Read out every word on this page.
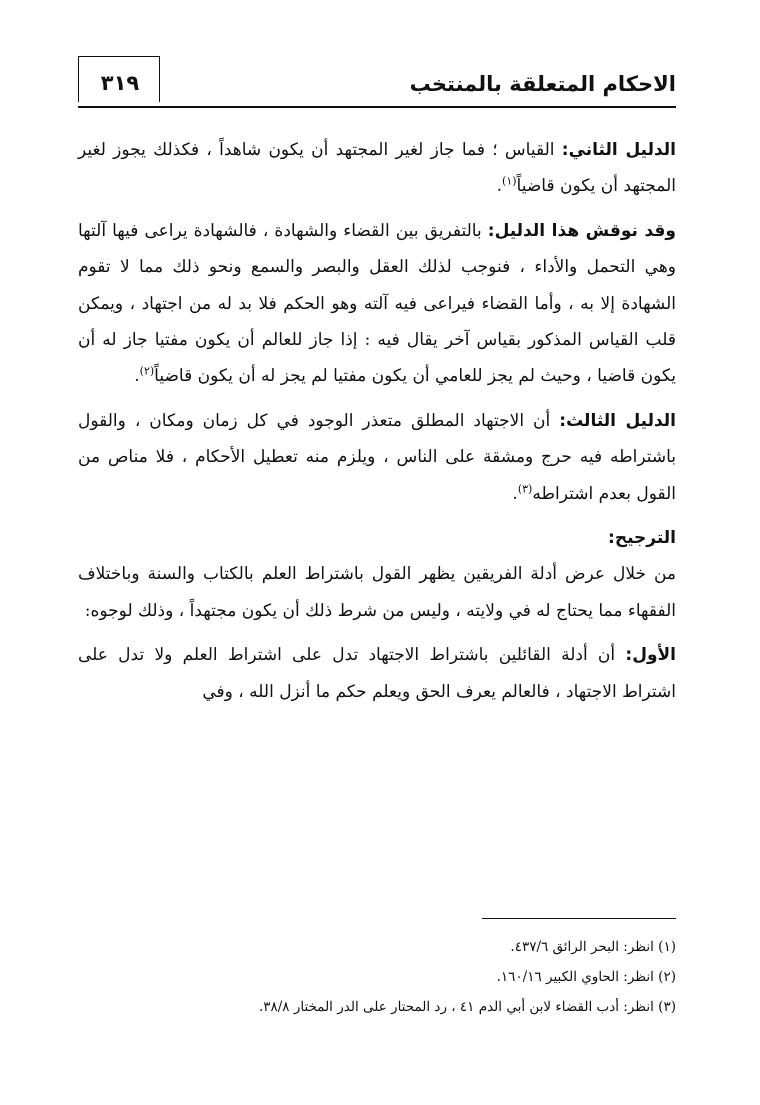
الاحكام المتعلقة بالمنتخب
٣١٩

الدليل الثاني: القياس ؛ فما جاز لغير المجتهد أن يكون شاهداً ، فكذلك يجوز لغير المجتهد أن يكون قاضياً$^{(١)}$.

وقد نوقش هذا الدليل: بالتفريق بين القضاء والشهادة ، فالشهادة يراعى فيها آلتها وهي التحمل والأداء ، فنوجب لذلك العقل والبصر والسمع ونحو ذلك مما لا تقوم الشهادة إلا به ، وأما القضاء فيراعى فيه آلته وهو الحكم فلا بد له من اجتهاد ، ويمكن قلب القياس المذكور بقياس آخر يقال فيه : إذا جاز للعالم أن يكون مفتيا جاز له أن يكون قاضيا ، وحيث لم يجز للعامي أن يكون مفتيا لم يجز له أن يكون قاضياً$^{(٢)}$.

الدليل الثالث: أن الاجتهاد المطلق متعذر الوجود في كل زمان ومكان ، والقول باشتراطه فيه حرج ومشقة على الناس ، ويلزم منه تعطيل الأحكام ، فلا مناص من القول بعدم اشتراطه$^{(٣)}$.

الترجيح:

من خلال عرض أدلة الفريقين يظهر القول باشتراط العلم بالكتاب والسنة وباختلاف الفقهاء مما يحتاج له في ولايته ، وليس من شرط ذلك أن يكون مجتهداً ، وذلك لوجوه:

الأول: أن أدلة القائلين باشتراط الاجتهاد تدل على اشتراط العلم ولا تدل على اشتراط الاجتهاد ، فالعالم يعرف الحق ويعلم حكم ما أنزل الله ، وفي

(١) انظر: البحر الرائق ٤٣٧/٦.

(٢) انظر: الحاوي الكبير ١٦٠/١٦.

(٣) انظر: أدب القضاء لابن أبي الدم ٤١ ، رد المحتار على الدر المختار ٣٨/٨.
